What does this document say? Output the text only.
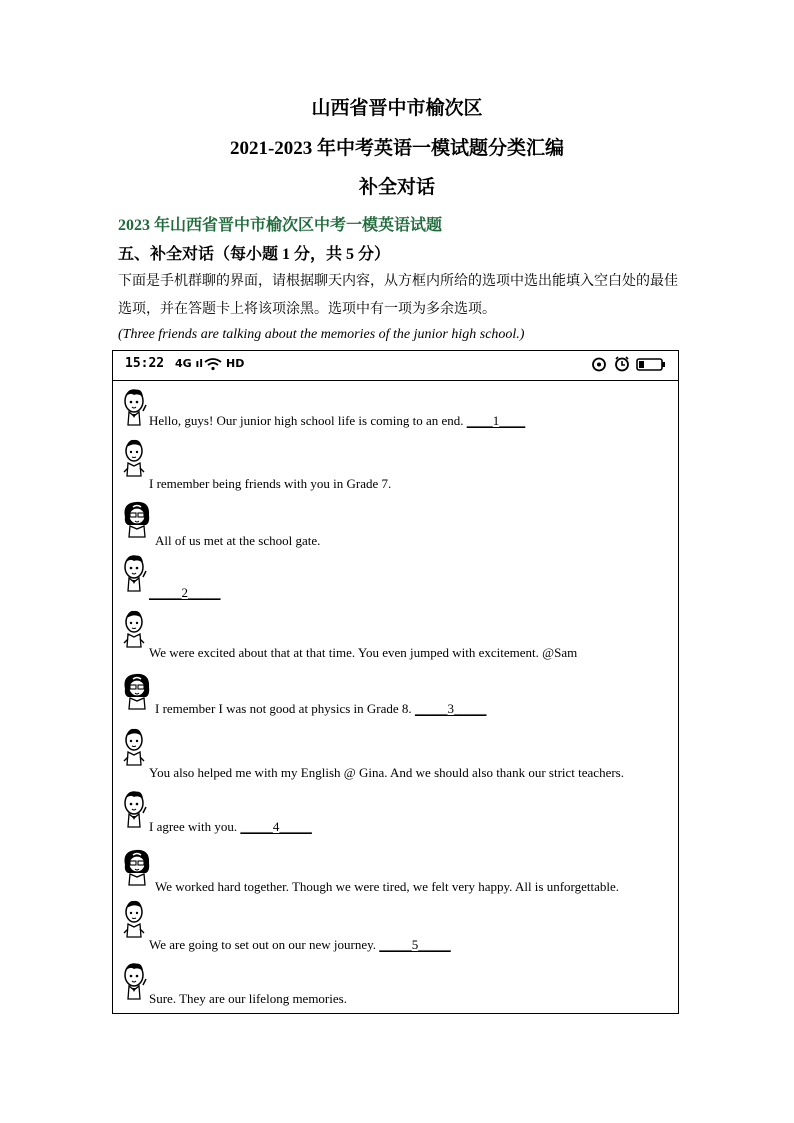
山西省晋中市榆次区
2021-2023 年中考英语一模试题分类汇编
补全对话
2023 年山西省晋中市榆次区中考一模英语试题
五、补全对话（每小题 1 分，共 5 分）
下面是手机群聊的界面，请根据聊天内容，从方框内所给的选项中选出能填入空白处的最佳
选项，并在答题卡上将该项涂黑。选项中有一项为多余选项。
(Three friends are talking about the memories of the junior high school.)
15:22 4G ıl HD
Hello, guys! Our junior high school life is coming to an end. ____1____
I remember being friends with you in Grade 7.
All of us met at the school gate.
_____2_____
We were excited about that at that time. You even jumped with excitement. @Sam
I remember I was not good at physics in Grade 8. _____3_____
You also helped me with my English @ Gina. And we should also thank our strict teachers.
I agree with you. _____4_____
We worked hard together. Though we were tired, we felt very happy. All is unforgettable.
We are going to set out on our new journey. _____5_____
Sure. They are our lifelong memories.
